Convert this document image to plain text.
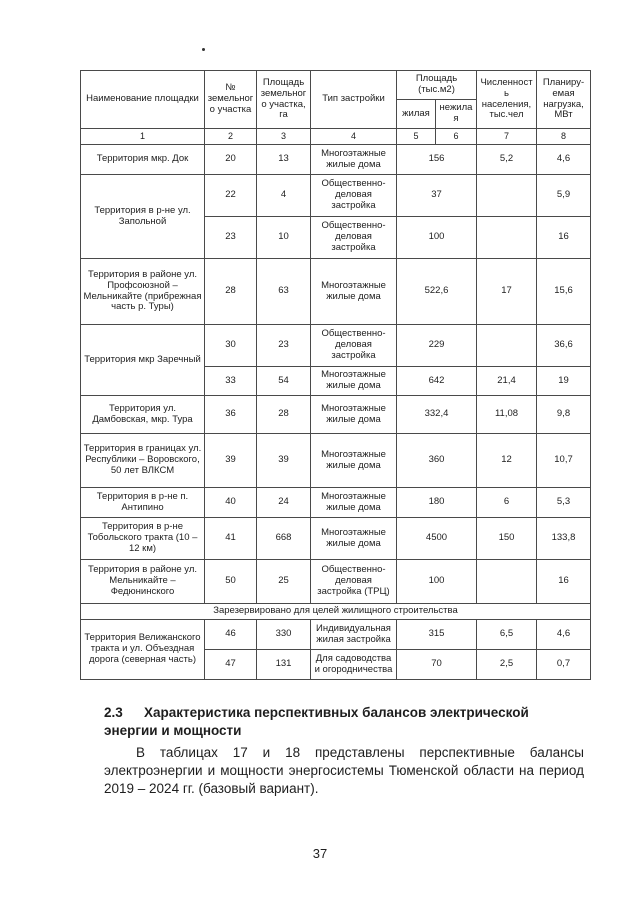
Наименование площадки	№ земельного участка	Площадь земельного участка, га	Тип застройки	Площадь (тыс.м2)		Численность населения, тыс.чел	Планиру-емая нагрузка, МВт
				жилая	нежилая		
1	2	3	4	5	6	7	8
Территория мкр. Док	20	13	Многоэтажные жилые дома	156		5,2	4,6
Территория в р-не ул. Запольной	22	4	Общественно-деловая застройка	37			5,9
	23	10	Общественно-деловая застройка	100			16
Территория в районе ул. Профсоюзной – Мельникайте (прибрежная часть р. Туры)	28	63	Многоэтажные жилые дома	522,6		17	15,6
Территория мкр Заречный	30	23	Общественно-деловая застройка	229			36,6
	33	54	Многоэтажные жилые дома	642		21,4	19
Территория ул. Дамбовская, мкр. Тура	36	28	Многоэтажные жилые дома	332,4		11,08	9,8
Территория в границах ул. Республики – Воровского, 50 лет ВЛКСМ	39	39	Многоэтажные жилые дома	360		12	10,7
Территория в р-не п. Антипино	40	24	Многоэтажные жилые дома	180		6	5,3
Территория в р-не Тобольского тракта (10 – 12 км)	41	668	Многоэтажные жилые дома	4500		150	133,8
Территория в районе ул. Мельникайте – Федюнинского	50	25	Общественно-деловая застройка (ТРЦ)	100			16
Зарезервировано для целей жилищного строительства							
Территория Велижанского тракта и ул. Объездная дорога (северная часть)	46	330	Индивидуальная жилая застройка	315		6,5	4,6
	47	131	Для садоводства и огородничества	70		2,5	0,7
2.3 Характеристика перспективных балансов электрической энергии и мощности
В таблицах 17 и 18 представлены перспективные балансы электроэнергии и мощности энергосистемы Тюменской области на период 2019 – 2024 гг. (базовый вариант).
37
